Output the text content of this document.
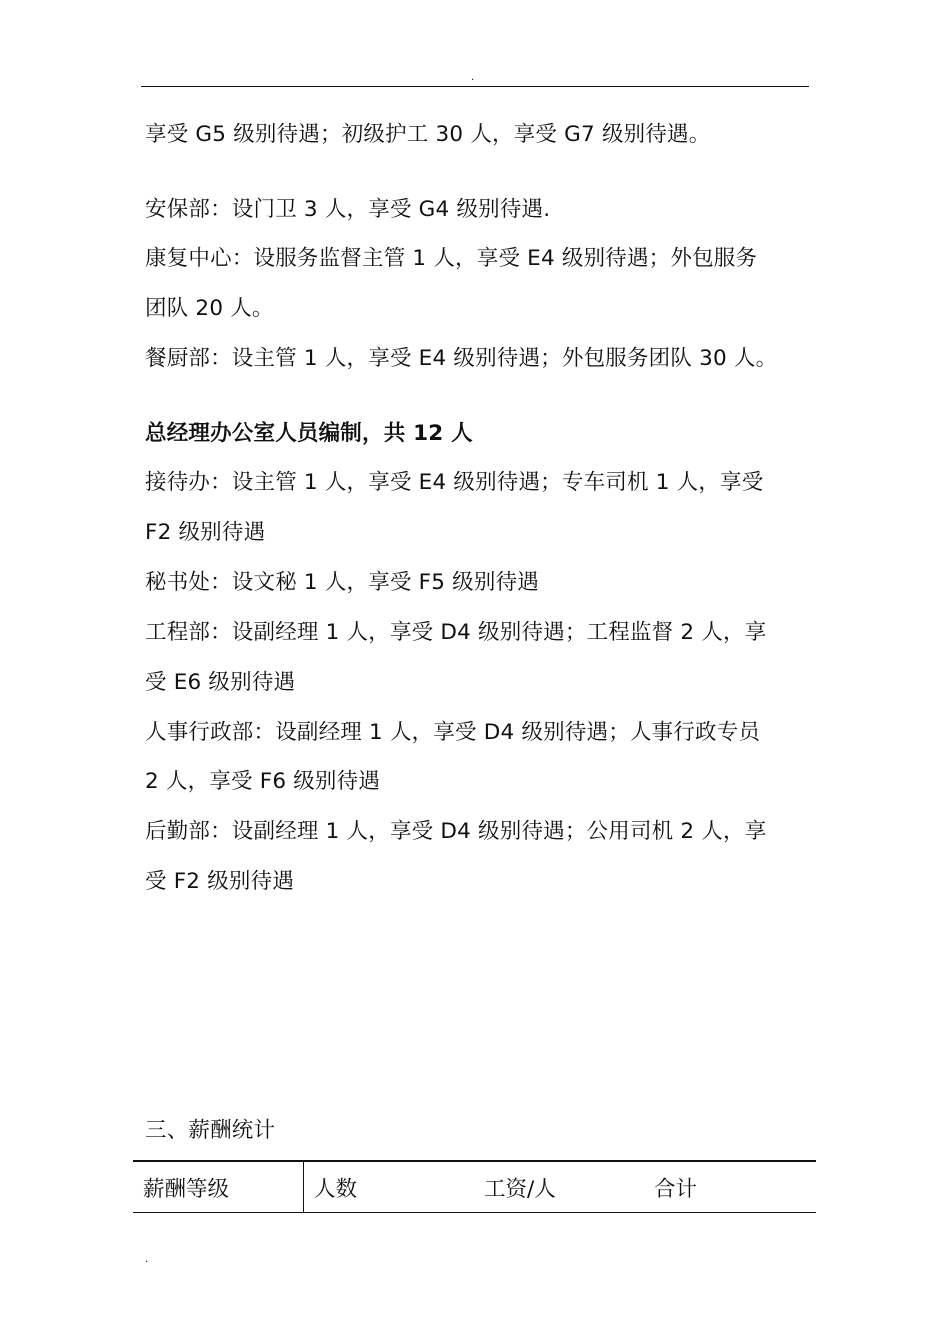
.
享受 G5 级别待遇；初级护工 30 人，享受 G7 级别待遇。
安保部：设门卫 3 人，享受 G4 级别待遇.
康复中心：设服务监督主管 1 人，享受 E4 级别待遇；外包服务
团队 20 人。
餐厨部：设主管 1 人，享受 E4 级别待遇；外包服务团队 30 人。
总经理办公室人员编制，共 12 人
接待办：设主管 1 人，享受 E4 级别待遇；专车司机 1 人，享受
F2 级别待遇
秘书处：设文秘 1 人，享受 F5 级别待遇
工程部：设副经理 1 人，享受 D4 级别待遇；工程监督 2 人，享
受 E6 级别待遇
人事行政部：设副经理 1 人，享受 D4 级别待遇；人事行政专员
2 人，享受 F6 级别待遇
后勤部：设副经理 1 人，享受 D4 级别待遇；公用司机 2 人，享
受 F2 级别待遇
三、薪酬统计
薪酬等级	人数	工资/人	合计
.
